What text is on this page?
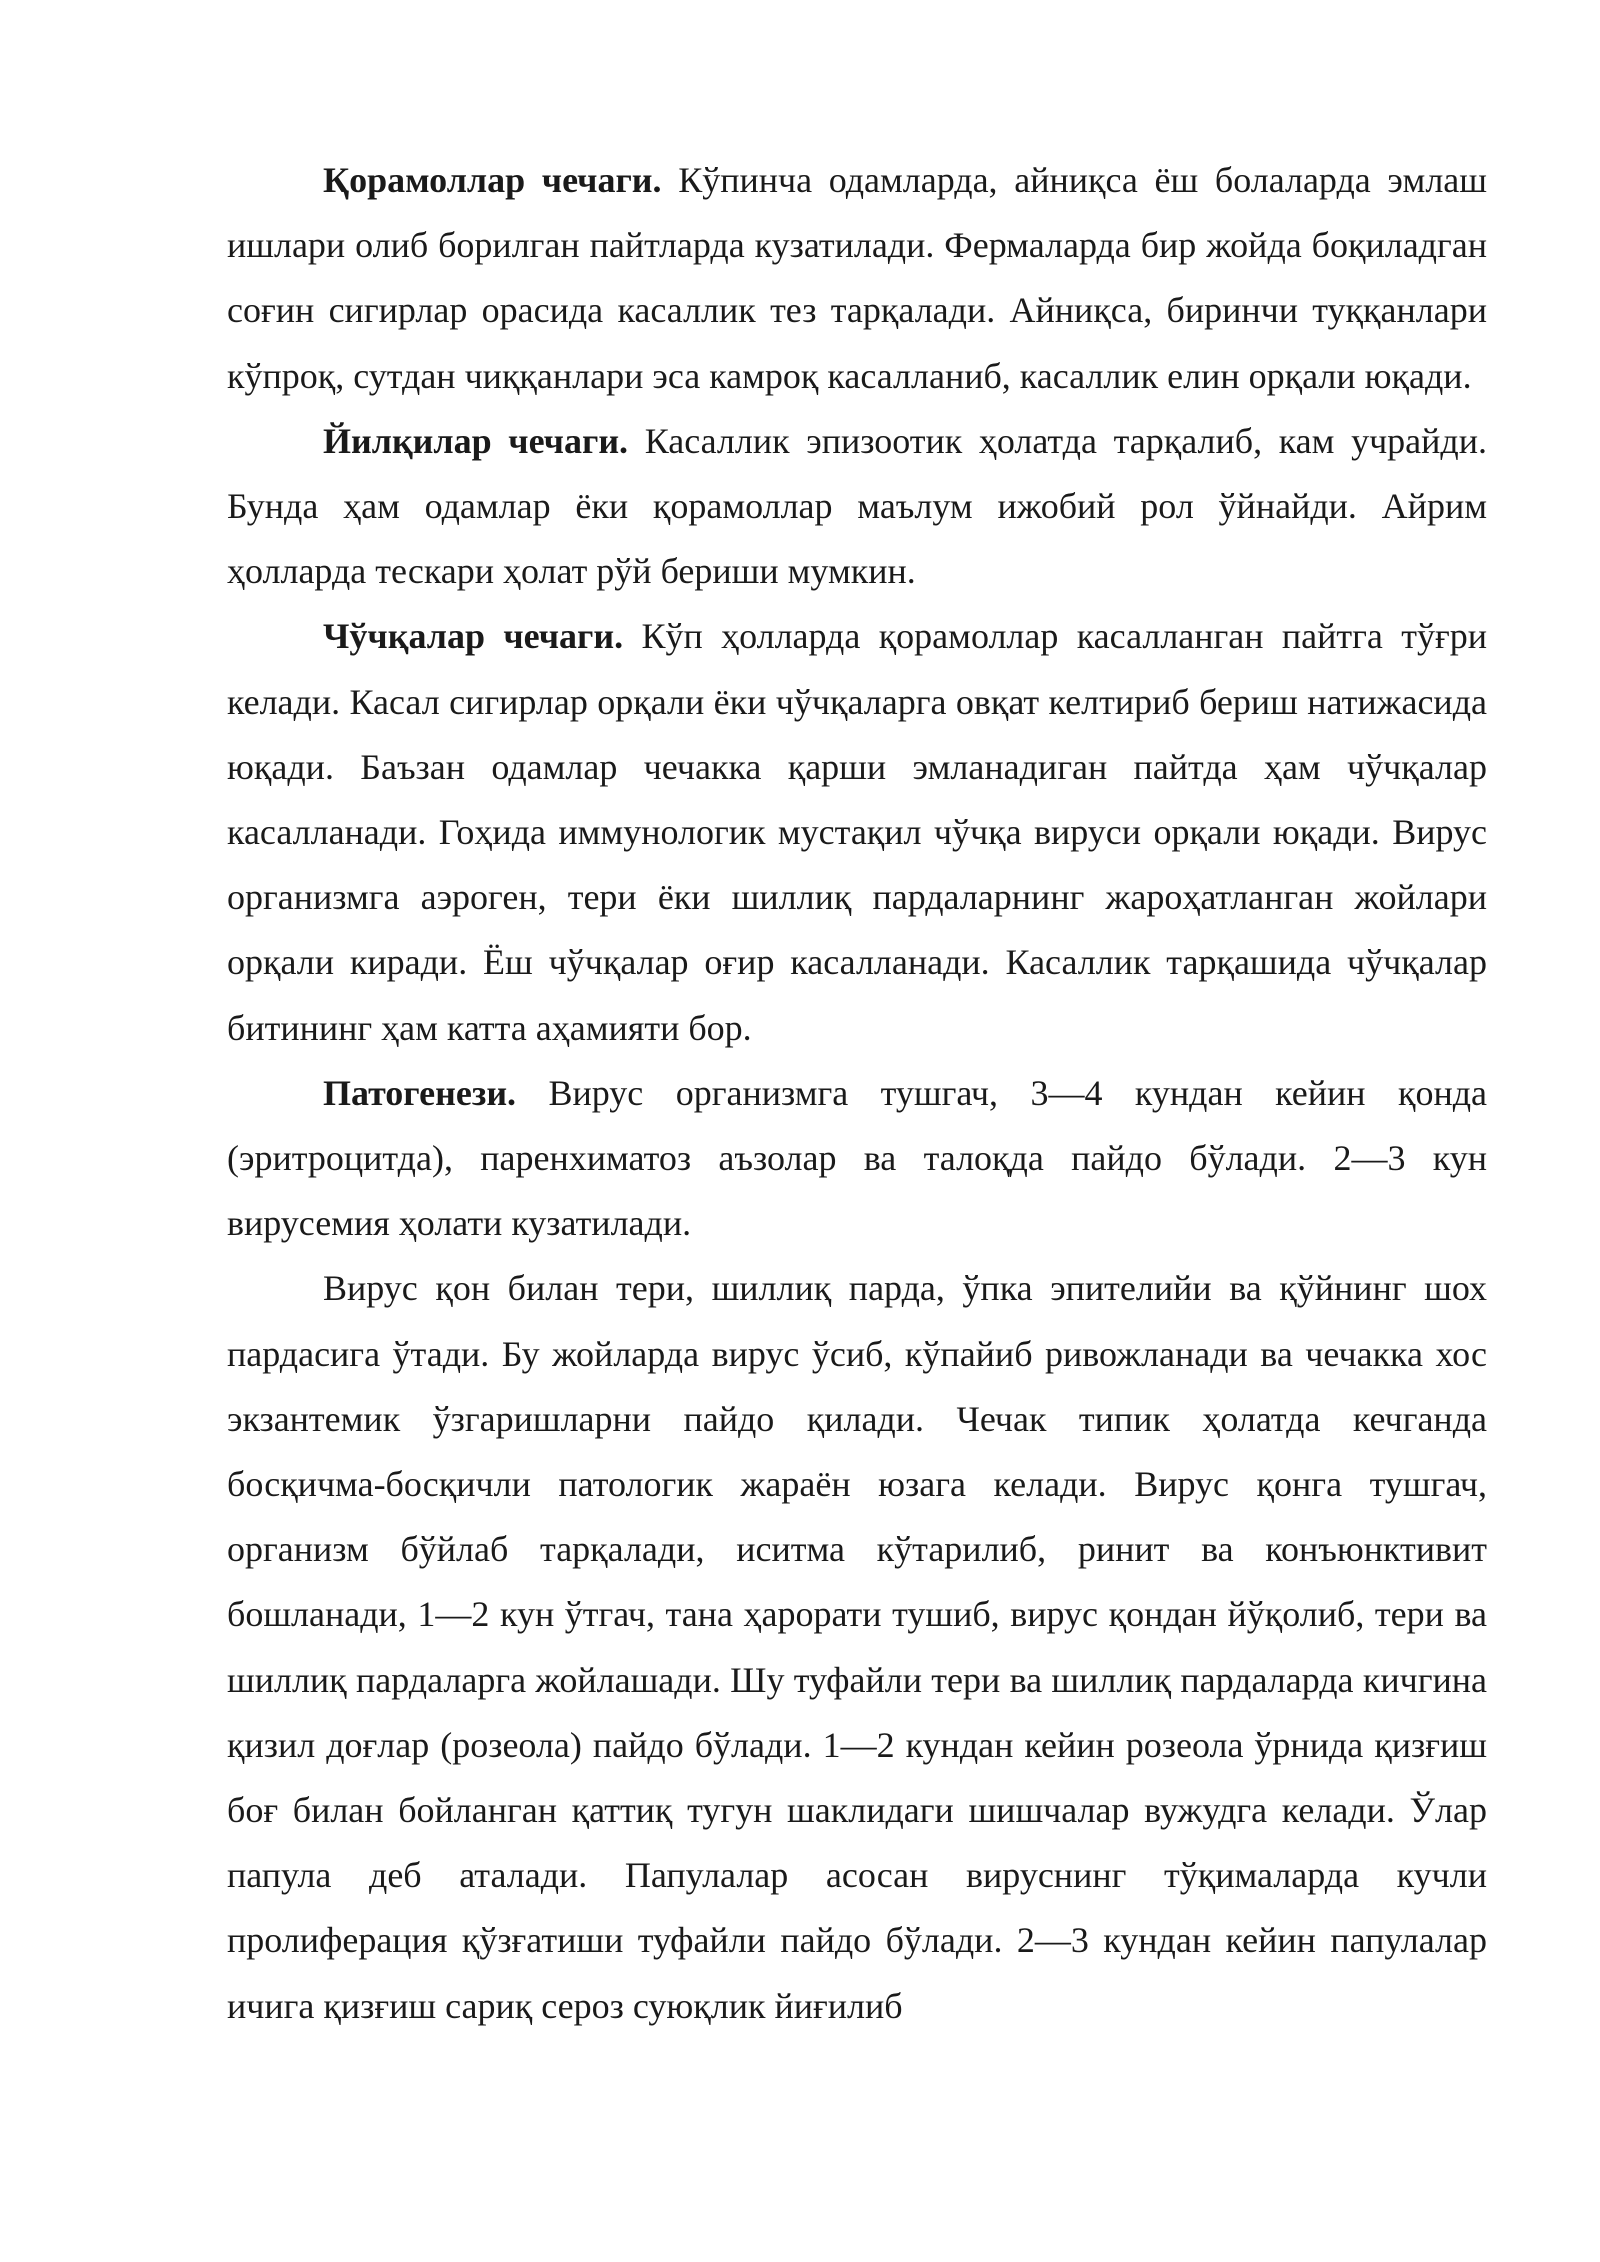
Қорамоллар чечаги. Кўпинча одамларда, айниқса ёш болаларда эмлаш ишлари олиб борилган пайтларда кузатилади. Фермаларда бир жойда боқиладган соғин сигирлар орасида касаллик тез тарқалади. Айниқса, биринчи туққанлари кўпроқ, сутдан чиққанлари эса камроқ касалланиб, касаллик елин орқали юқади.

Йилқилар чечаги. Касаллик эпизоотик ҳолатда тарқалиб, кам учрайди. Бунда ҳам одамлар ёки қорамоллар маълум ижобий рол ўйнайди. Айрим ҳолларда тескари ҳолат рўй бериши мумкин.

Чўчқалар чечаги. Кўп ҳолларда қорамоллар касалланган пайтга тўғри келади. Касал сигирлар орқали ёки чўчқаларга овқат келтириб бериш натижасида юқади. Баъзан одамлар чечакка қарши эмланадиган пайтда ҳам чўчқалар касалланади. Гоҳида иммунологик мустақил чўчқа вируси орқали юқади. Вирус организмга аэроген, тери ёки шиллиқ пардаларнинг жароҳатланган жойлари орқали киради. Ёш чўчқалар оғир касалланади. Касаллик тарқашида чўчқалар битининг ҳам катта аҳамияти бор.

Патогенези. Вирус организмга тушгач, 3—4 кундан кейин қонда (эритроцитда), паренхиматоз аъзолар ва талоқда пайдо бўлади. 2—3 кун вирусемия ҳолати кузатилади.

Вирус қон билан тери, шиллиқ парда, ўпка эпителийи ва қўйнинг шох пардасига ўтади. Бу жойларда вирус ўсиб, кўпайиб ривожланади ва чечакка хос экзантемик ўзгаришларни пайдо қилади. Чечак типик ҳолатда кечганда босқичма-босқичли патологик жараён юзага келади. Вирус қонга тушгач, организм бўйлаб тарқалади, иситма кўтарилиб, ринит ва конъюнктивит бошланади, 1—2 кун ўтгач, тана ҳарорати тушиб, вирус қондан йўқолиб, тери ва шиллиқ пардаларга жойлашади. Шу туфайли тери ва шиллиқ пардаларда кичгина қизил доғлар (розеола) пайдо бўлади. 1—2 кундан кейин розеола ўрнида қизғиш боғ билан бойланган қаттиқ тугун шаклидаги шишчалар вужудга келади. Ўлар папула деб аталади. Папулалар асосан вируснинг тўқималарда кучли пролиферация қўзғатиши туфайли пайдо бўлади. 2—3 кундан кейин папулалар ичига қизғиш сариқ сероз суюқлик йиғилиб
